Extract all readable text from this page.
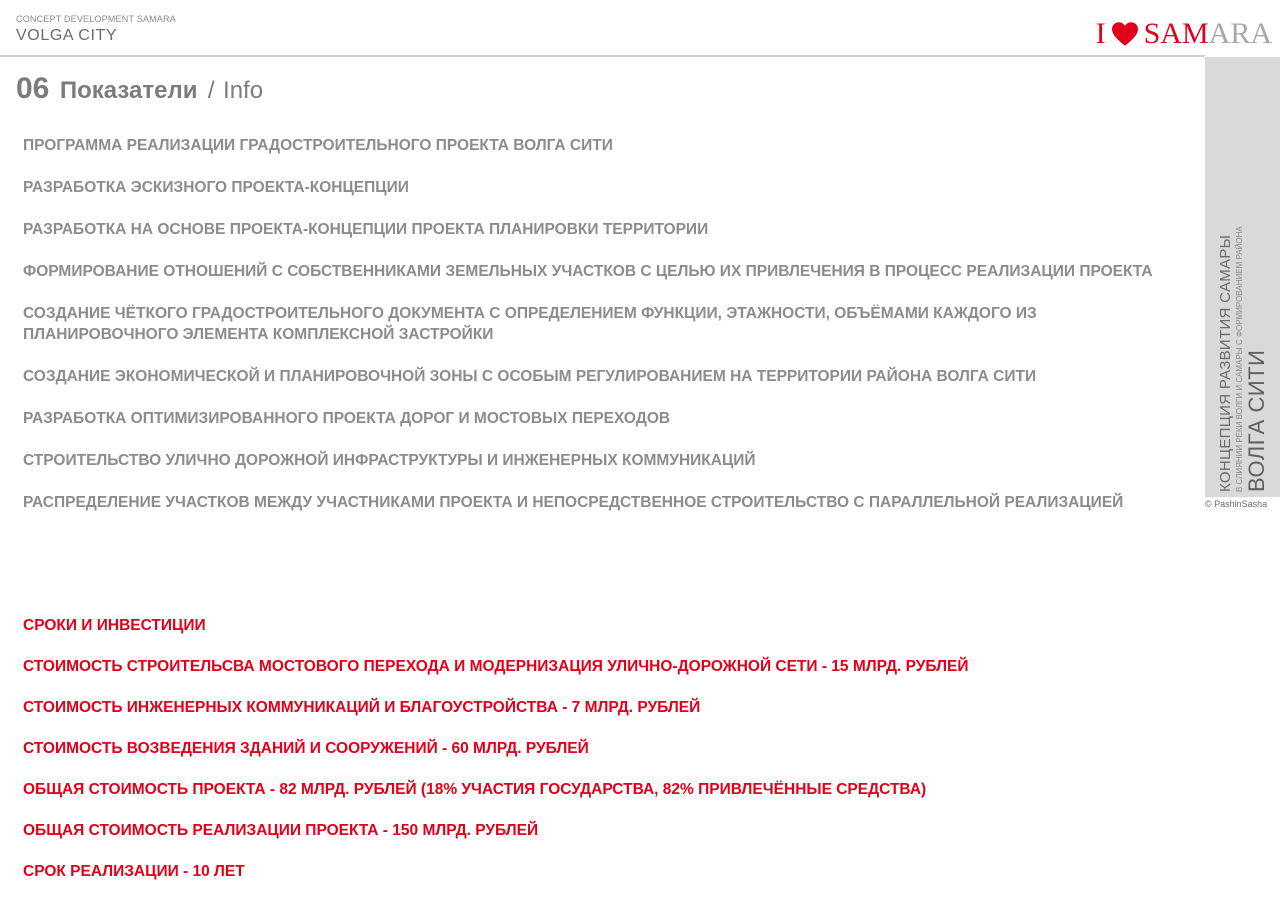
CONCEPT DEVELOPMENT SAMARA
VOLGA CITY	I SAM ARA
КОНЦЕПЦИЯ РАЗВИТИЯ САМАРЫ В СЛИЯНИИ РЕКИ ВОЛГИ И САМАРЫ С ФОРМИРОВАНИЕМ РАЙОНА ВОЛГА СИТИ
© PashinSasha
06 Показатели / Info
ПРОГРАММА РЕАЛИЗАЦИИ ГРАДОСТРОИТЕЛЬНОГО ПРОЕКТА ВОЛГА СИТИ
РАЗРАБОТКА ЭСКИЗНОГО ПРОЕКТА-КОНЦЕПЦИИ
РАЗРАБОТКА НА ОСНОВЕ ПРОЕКТА-КОНЦЕПЦИИ ПРОЕКТА ПЛАНИРОВКИ ТЕРРИТОРИИ
ФОРМИРОВАНИЕ ОТНОШЕНИЙ С СОБСТВЕННИКАМИ ЗЕМЕЛЬНЫХ УЧАСТКОВ С ЦЕЛЬЮ ИХ ПРИВЛЕЧЕНИЯ В ПРОЦЕСС РЕАЛИЗАЦИИ ПРОЕКТА
СОЗДАНИЕ ЧЁТКОГО ГРАДОСТРОИТЕЛЬНОГО ДОКУМЕНТА С ОПРЕДЕЛЕНИЕМ ФУНКЦИИ, ЭТАЖНОСТИ, ОБЪЁМАМИ КАЖДОГО ИЗ ПЛАНИРОВОЧНОГО ЭЛЕМЕНТА КОМПЛЕКСНОЙ ЗАСТРОЙКИ
СОЗДАНИЕ ЭКОНОМИЧЕСКОЙ И ПЛАНИРОВОЧНОЙ ЗОНЫ С ОСОБЫМ РЕГУЛИРОВАНИЕМ НА ТЕРРИТОРИИ РАЙОНА ВОЛГА СИТИ
РАЗРАБОТКА ОПТИМИЗИРОВАННОГО ПРОЕКТА ДОРОГ И МОСТОВЫХ ПЕРЕХОДОВ
СТРОИТЕЛЬСТВО УЛИЧНО ДОРОЖНОЙ ИНФРАСТРУКТУРЫ И ИНЖЕНЕРНЫХ КОММУНИКАЦИЙ
РАСПРЕДЕЛЕНИЕ УЧАСТКОВ МЕЖДУ УЧАСТНИКАМИ ПРОЕКТА И НЕПОСРЕДСТВЕННОЕ СТРОИТЕЛЬСТВО С ПАРАЛЛЕЛЬНОЙ РЕАЛИЗАЦИЕЙ
СРОКИ И ИНВЕСТИЦИИ
СТОИМОСТЬ СТРОИТЕЛЬСВА МОСТОВОГО ПЕРЕХОДА И МОДЕРНИЗАЦИЯ УЛИЧНО-ДОРОЖНОЙ СЕТИ - 15 МЛРД. РУБЛЕЙ
СТОИМОСТЬ ИНЖЕНЕРНЫХ КОММУНИКАЦИЙ И БЛАГОУСТРОЙСТВА - 7 МЛРД. РУБЛЕЙ
СТОИМОСТЬ ВОЗВЕДЕНИЯ ЗДАНИЙ И СООРУЖЕНИЙ - 60 МЛРД. РУБЛЕЙ
ОБЩАЯ СТОИМОСТЬ ПРОЕКТА - 82 МЛРД. РУБЛЕЙ (18% УЧАСТИЯ ГОСУДАРСТВА, 82% ПРИВЛЕЧЁННЫЕ СРЕДСТВА)
ОБЩАЯ СТОИМОСТЬ РЕАЛИЗАЦИИ ПРОЕКТА - 150 МЛРД. РУБЛЕЙ
СРОК РЕАЛИЗАЦИИ - 10 ЛЕТ
